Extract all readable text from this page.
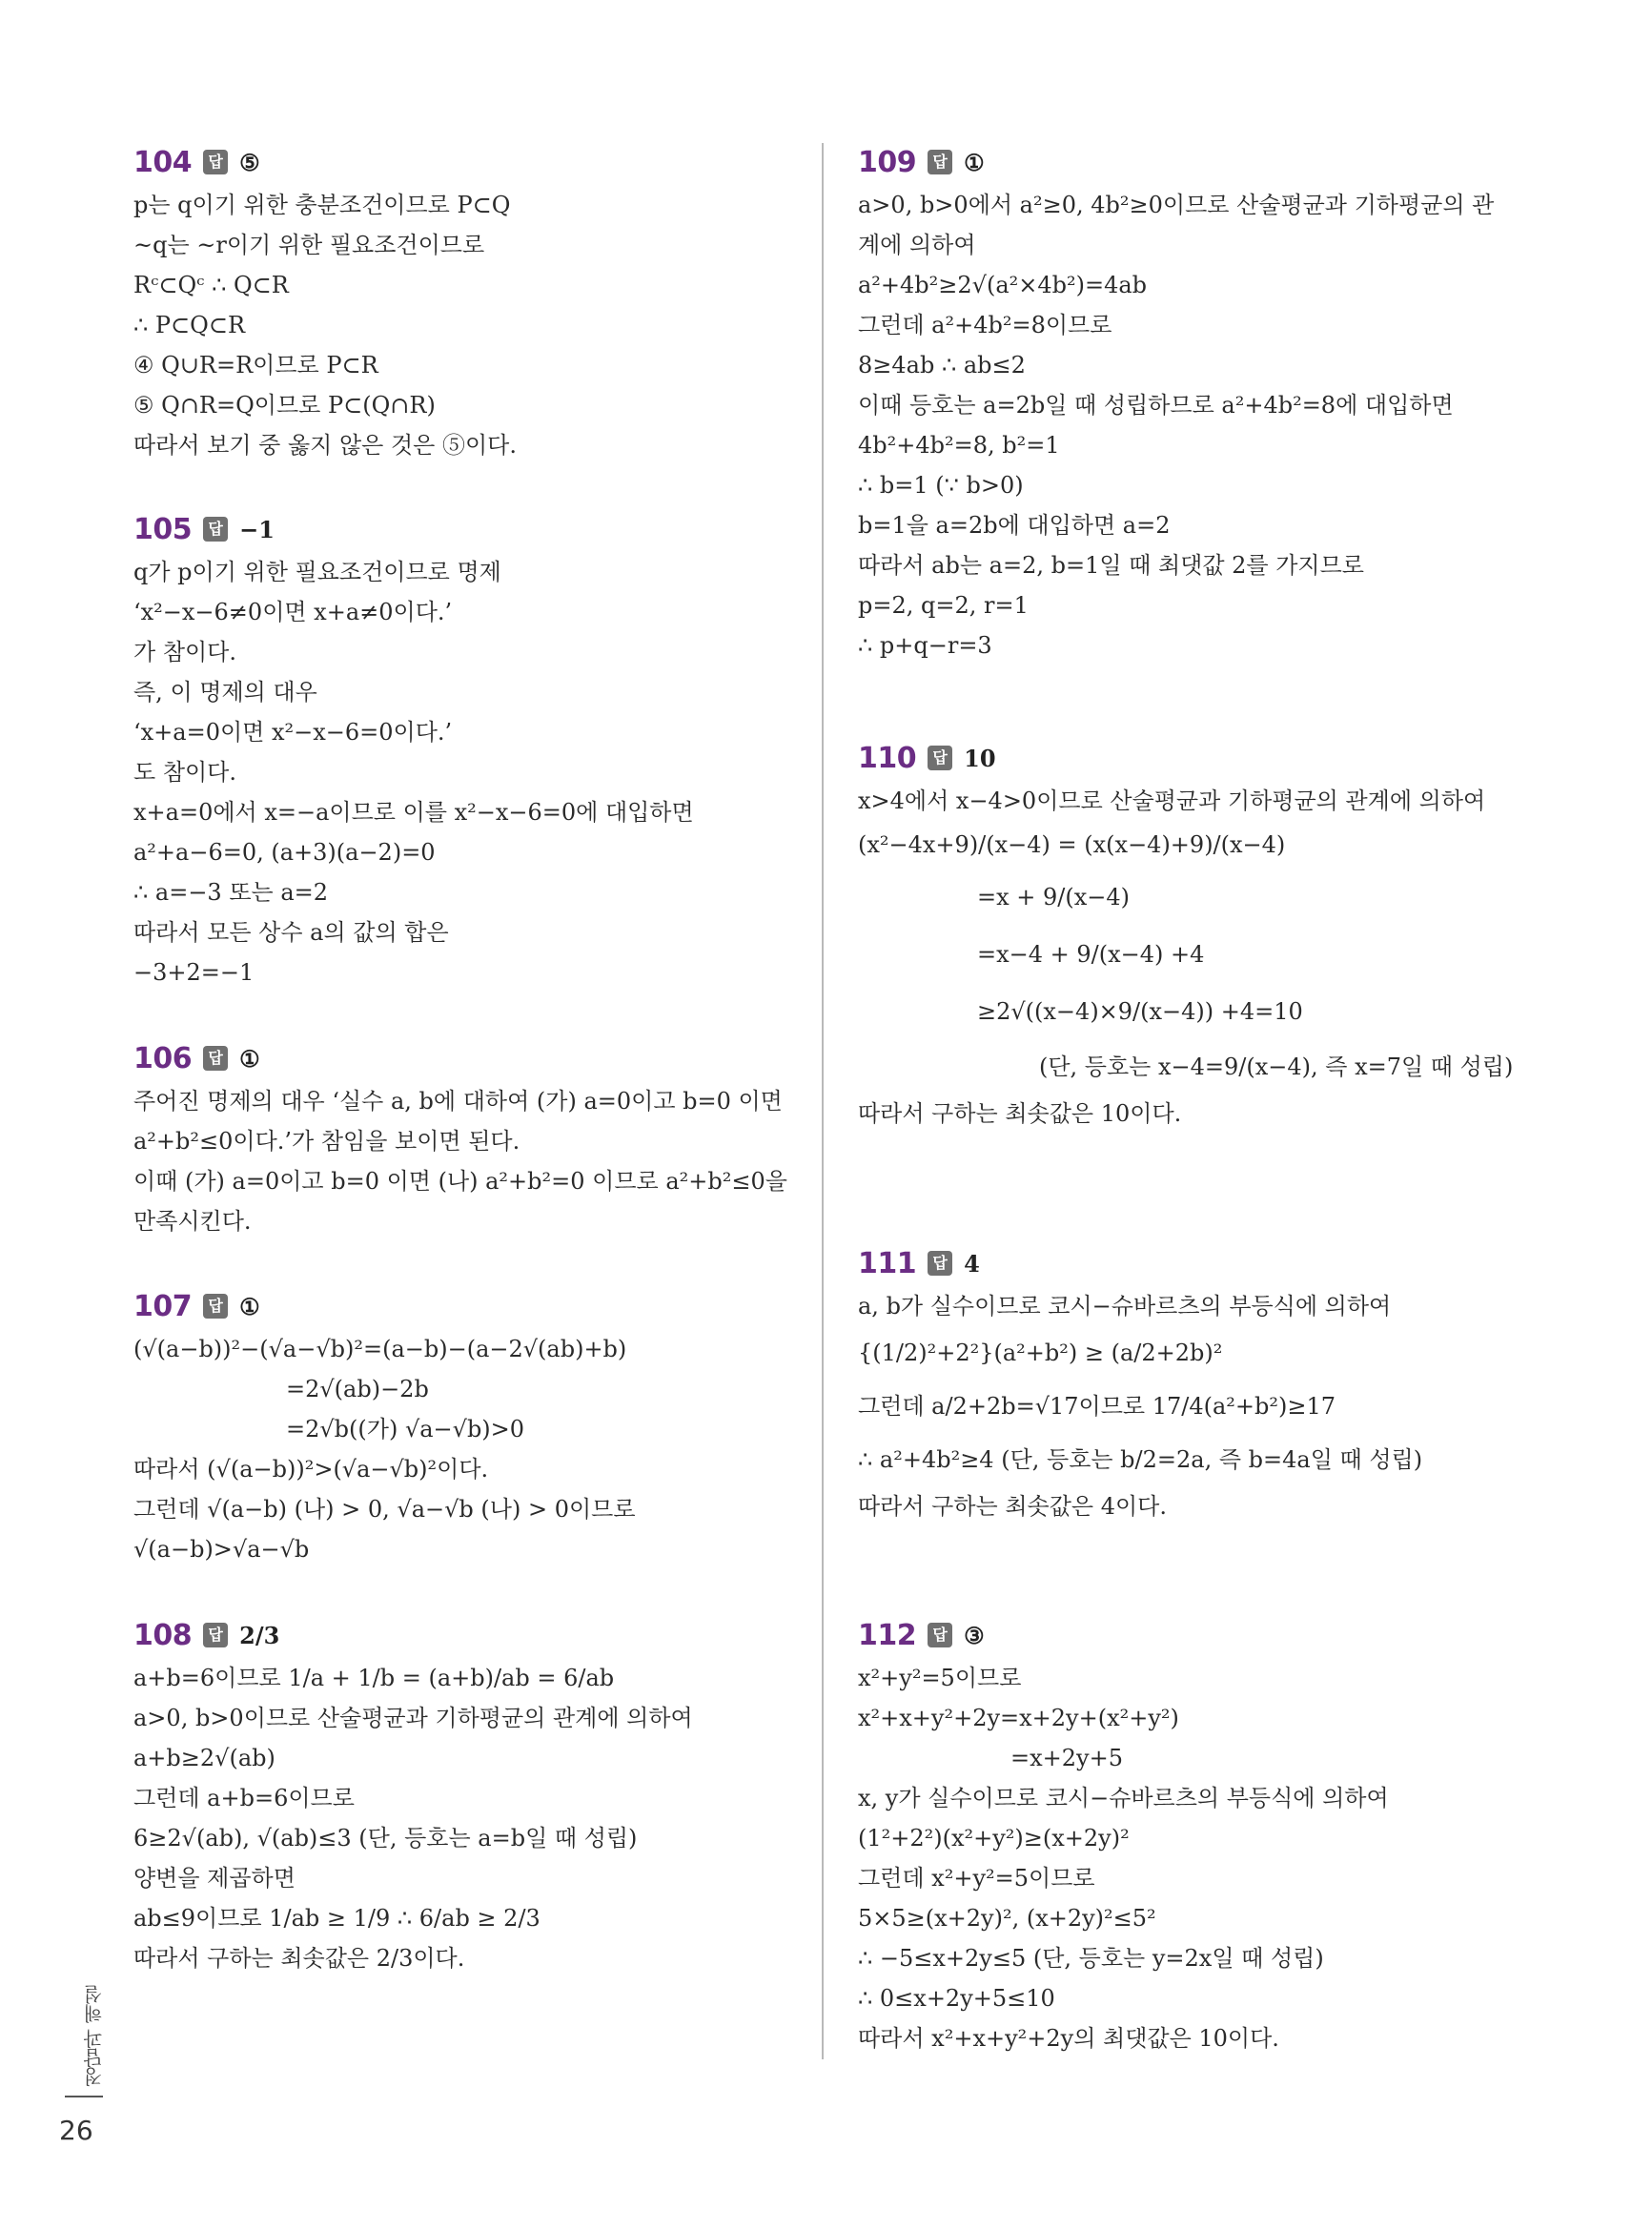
104	답 ⑤
p는 q이기 위한 충분조건이므로 P⊂Q
~q는 ~r이기 위한 필요조건이므로
Rᶜ⊂Qᶜ ∴ Q⊂R
∴ P⊂Q⊂R
④ Q∪R=R이므로 P⊂R
⑤ Q∩R=Q이므로 P⊂(Q∩R)
따라서 보기 중 옳지 않은 것은 ⑤이다.
105	답 −1
q가 p이기 위한 필요조건이므로 명제
‘x²−x−6≠0이면 x+a≠0이다.’
가 참이다.
즉, 이 명제의 대우
‘x+a=0이면 x²−x−6=0이다.’
도 참이다.
x+a=0에서 x=−a이므로 이를 x²−x−6=0에 대입하면
a²+a−6=0, (a+3)(a−2)=0
∴ a=−3 또는 a=2
따라서 모든 상수 a의 값의 합은
−3+2=−1
106	답 ①
주어진 명제의 대우 ‘실수 a, b에 대하여 (가) a=0이고 b=0 이면
a²+b²≤0이다.’가 참임을 보이면 된다.
이때 (가) a=0이고 b=0 이면 (나) a²+b²=0 이므로 a²+b²≤0을
만족시킨다.
107	답 ①
(√(a−b))²−(√a−√b)²=(a−b)−(a−2√(ab)+b)
=2√(ab)−2b
=2√b((가) √a−√b)>0
따라서 (√(a−b))²>(√a−√b)²이다.
그런데 √(a−b) (나) > 0, √a−√b (나) > 0이므로
√(a−b)>√a−√b
108	답 2/3
a+b=6이므로 1/a + 1/b = (a+b)/ab = 6/ab
a>0, b>0이므로 산술평균과 기하평균의 관계에 의하여
a+b≥2√(ab)
그런데 a+b=6이므로
6≥2√(ab), √(ab)≤3 (단, 등호는 a=b일 때 성립)
양변을 제곱하면
ab≤9이므로 1/ab ≥ 1/9 ∴ 6/ab ≥ 2/3
따라서 구하는 최솟값은 2/3이다.
109	답 ①
a>0, b>0에서 a²≥0, 4b²≥0이므로 산술평균과 기하평균의 관
계에 의하여
a²+4b²≥2√(a²×4b²)=4ab
그런데 a²+4b²=8이므로
8≥4ab ∴ ab≤2
이때 등호는 a=2b일 때 성립하므로 a²+4b²=8에 대입하면
4b²+4b²=8, b²=1
∴ b=1 (∵ b>0)
b=1을 a=2b에 대입하면 a=2
따라서 ab는 a=2, b=1일 때 최댓값 2를 가지므로
p=2, q=2, r=1
∴ p+q−r=3
110	답 10
x>4에서 x−4>0이므로 산술평균과 기하평균의 관계에 의하여
(x²−4x+9)/(x−4) = (x(x−4)+9)/(x−4)
=x + 9/(x−4)
=x−4 + 9/(x−4) +4
≥2√((x−4)×9/(x−4)) +4=10
(단, 등호는 x−4=9/(x−4), 즉 x=7일 때 성립)
따라서 구하는 최솟값은 10이다.
111	답 4
a, b가 실수이므로 코시−슈바르츠의 부등식에 의하여
{(1/2)²+2²}(a²+b²) ≥ (a/2+2b)²
그런데 a/2+2b=√17이므로 17/4(a²+b²)≥17
∴ a²+4b²≥4 (단, 등호는 b/2=2a, 즉 b=4a일 때 성립)
따라서 구하는 최솟값은 4이다.
112	답 ③
x²+y²=5이므로
x²+x+y²+2y=x+2y+(x²+y²)
=x+2y+5
x, y가 실수이므로 코시−슈바르츠의 부등식에 의하여
(1²+2²)(x²+y²)≥(x+2y)²
그런데 x²+y²=5이므로
5×5≥(x+2y)², (x+2y)²≤5²
∴ −5≤x+2y≤5 (단, 등호는 y=2x일 때 성립)
∴ 0≤x+2y+5≤10
따라서 x²+x+y²+2y의 최댓값은 10이다.
정답과 해설
26
